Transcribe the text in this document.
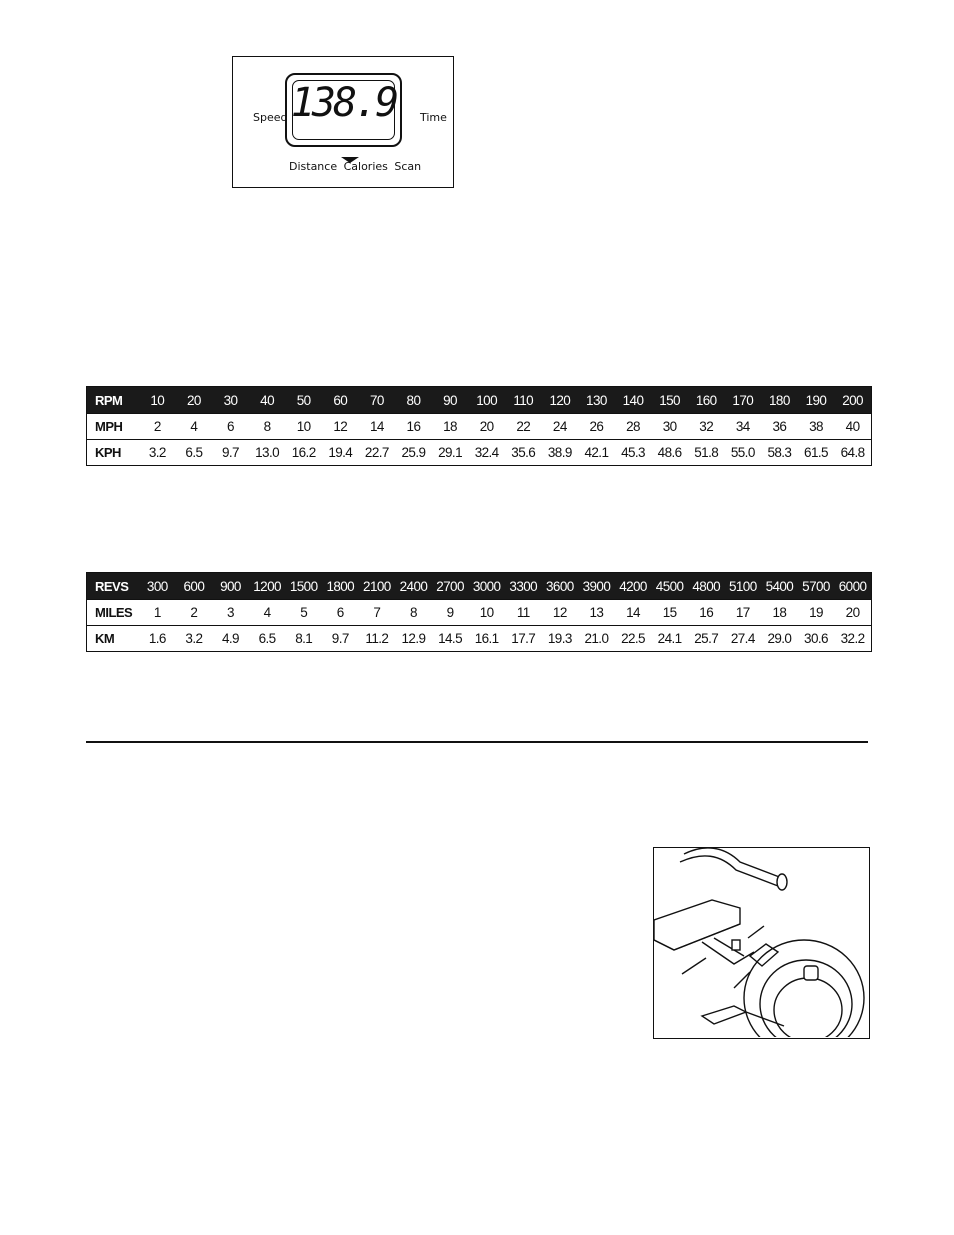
Speed 138.9	Time
Distance Calories Scan
RPM	10	20	30	40	50	60	70	80	90	100	110	120	130	140	150	160	170	180	190	200
MPH	2	4	6	8	10	12	14	16	18	20	22	24	26	28	30	32	34	36	38	40
KPH	3.2	6.5	9.7	13.0 16.2 19.4 22.7 25.9 29.1 32.4 35.6 38.9 42.1 45.3 48.6 51.8 55.0 58.3 61.5 64.8
REVS	300	600	900 1200 1500 1800 2100 2400 2700 3000 3300 3600 3900 4200 4500 4800 5100 5400 5700 6000
MILES	1	2	3	4	5	6	7	8	9	10	11	12	13	14	15	16	17	18	19	20
KM	1.6	3.2	4.9	6.5	8.1	9.7	11.2 12.9 14.5 16.1 17.7 19.3 21.0 22.5 24.1 25.7 27.4 29.0 30.6 32.2
